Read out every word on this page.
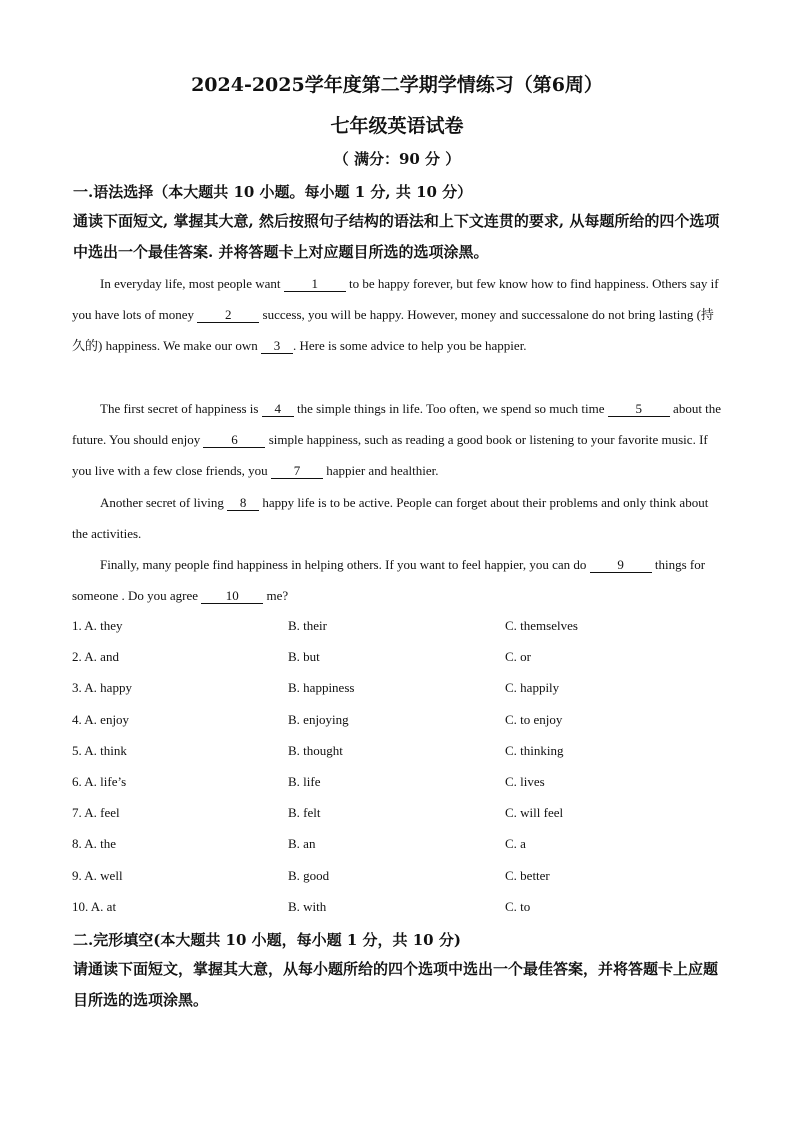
2024-2025学年度第二学期学情练习（第6周）
七年级英语试卷
（ 满分：90 分 ）
一.语法选择（本大题共 10 小题。每小题 1 分, 共 10 分）
通读下面短文, 掌握其大意, 然后按照句子结构的语法和上下文连贯的要求, 从每题所给的四个选项中选出一个最佳答案. 并将答题卡上对应题目所选的选项涂黑。
In everyday life, most people want 1 to be happy forever, but few know how to find happiness. Others say if you have lots of money 2 success, you will be happy. However, money and successalone do not bring lasting (持久的) happiness. We make our own 3 . Here is some advice to help you be happier.
The first secret of happiness is 4 the simple things in life. Too often, we spend so much time 5 about the future. You should enjoy 6 simple happiness, such as reading a good book or listening to your favorite music. If you live with a few close friends, you 7 happier and healthier.
Another secret of living 8 happy life is to be active. People can forget about their problems and only think about the activities.
Finally, many people find happiness in helping others. If you want to feel happier, you can do 9 things for someone . Do you agree 10 me?
1. A. they	B. their	C. themselves
2. A. and	B. but	C. or
3. A. happy	B. happiness	C. happily
4. A. enjoy	B. enjoying	C. to enjoy
5. A. think	B. thought	C. thinking
6. A. life’s	B. life	C. lives
7. A. feel	B. felt	C. will feel
8. A. the	B. an	C. a
9. A. well	B. good	C. better
10. A. at	B. with	C. to
二.完形填空(本大题共 10 小题，每小题 1 分，共 10 分)
请通读下面短文，掌握其大意，从每小题所给的四个选项中选出一个最佳答案，并将答题卡上应题目所选的选项涂黑。
